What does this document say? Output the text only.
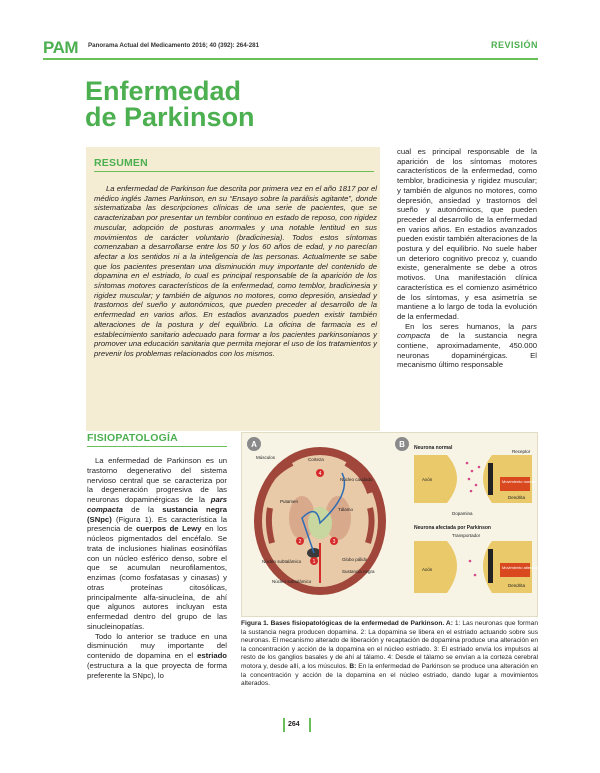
PAM Panorama Actual del Medicamento 2016; 40 (392): 264-281	REVISIÓN
Enfermedad
de Parkinson
RESUMEN

La enfermedad de Parkinson fue descrita por primera vez en el año 1817 por el médico inglés James Parkinson, en su “Ensayo sobre la parálisis agitante”, donde sistematizaba las descripciones clínicas de una serie de pacientes, que se caracterizaban por presentar un temblor continuo en estado de reposo, con rigidez muscular, adopción de posturas anormales y una notable lentitud en sus movimientos de carácter voluntario (bradicinesia). Todos estos síntomas comenzaban a desarrollarse entre los 50 y los 60 años de edad, y no parecían afectar a los sentidos ni a la inteligencia de las personas. Actualmente se sabe que los pacientes presentan una disminución muy importante del contenido de dopamina en el estriado, lo cual es principal responsable de la aparición de los síntomas motores característicos de la enfermedad, como temblor, bradicinesia y rigidez muscular; y también de algunos no motores, como depresión, ansiedad y trastornos del sueño y autonómicos, que pueden preceder al desarrollo de la enfermedad en varios años. En estadios avanzados pueden existir también alteraciones de la postura y del equilibrio. La oficina de farmacia es el establecimiento sanitario adecuado para formar a los pacientes parkinsonianos y promover una educación sanitaria que permita mejorar el uso de los tratamientos y prevenir los problemas relacionados con los mismos.

cual es principal responsable de la aparición de los síntomas motores característicos de la enfermedad, como temblor, bradicinesia y rigidez muscular; y también de algunos no motores, como depresión, ansiedad y trastornos del sueño y autonómicos, que pueden preceder al desarrollo de la enfermedad en varios años. En estadios avanzados pueden existir también alteraciones de la postura y del equilibrio. No suele haber un deterioro cognitivo precoz y, cuando existe, generalmente se debe a otros motivos. Una manifestación clínica característica es el comienzo asimétrico de los síntomas, y esa asimetría se mantiene a lo largo de toda la evolución de la enfermedad.

En los seres humanos, la pars compacta de la sustancia negra contiene, aproximadamente, 450.000 neuronas dopaminérgicas. El mecanismo último responsable

FISIOPATOLOGÍA

La enfermedad de Parkinson es un trastorno degenerativo del sistema nervioso central que se caracteriza por la degeneración progresiva de las neuronas dopaminérgicas de la pars compacta de la sustancia negra (SNpc) (Figura 1). Es característica la presencia de cuerpos de Lewy en los núcleos pigmentados del encéfalo. Se trata de inclusiones hialinas eosinófilas con un núcleo esférico denso, sobre el que se acumulan neurofilamentos, enzimas (como fosfatasas y cinasas) y otras proteínas citosólicas, principalmente alfa-sinucleína, de ahí que algunos autores incluyan esta enfermedad dentro del grupo de las sinucleinopatías.

Todo lo anterior se traduce en una disminución muy importante del contenido de dopamina en el estriado (estructura a la que proyecta de forma preferente la SNpc), lo

A
1
2	3
4
Núcleo caudado
Corteza
Putamen
Tálamo
Núcleo subtalámico	Globo pálido
Sustancia negra
Músculos
Núcleo subtalámico
B Neurona normal
Receptor
Axón
Dopamina
Movimiento normal
Dendrita
Neurona afectada por Parkinson
Transportador
Axón	Movimiento alterado
Dendrita
Figura 1. Bases fisiopatológicas de la enfermedad de Parkinson. A: 1: Las neuronas que forman la sustancia negra producen dopamina. 2: La dopamina se libera en el estriado actuando sobre sus neuronas. El mecanismo alterado de liberación y recaptación de dopamina produce una alteración en la concentración y acción de la dopamina en el núcleo estriado. 3: El estriado envía los impulsos al resto de los ganglios basales y de ahí al tálamo. 4: Desde el tálamo se envían a la corteza cerebral motora y, desde allí, a los músculos. B: En la enfermedad de Parkinson se produce una alteración en la concentración y acción de la dopamina en el núcleo estriado, dando lugar a movimientos alterados.
264
